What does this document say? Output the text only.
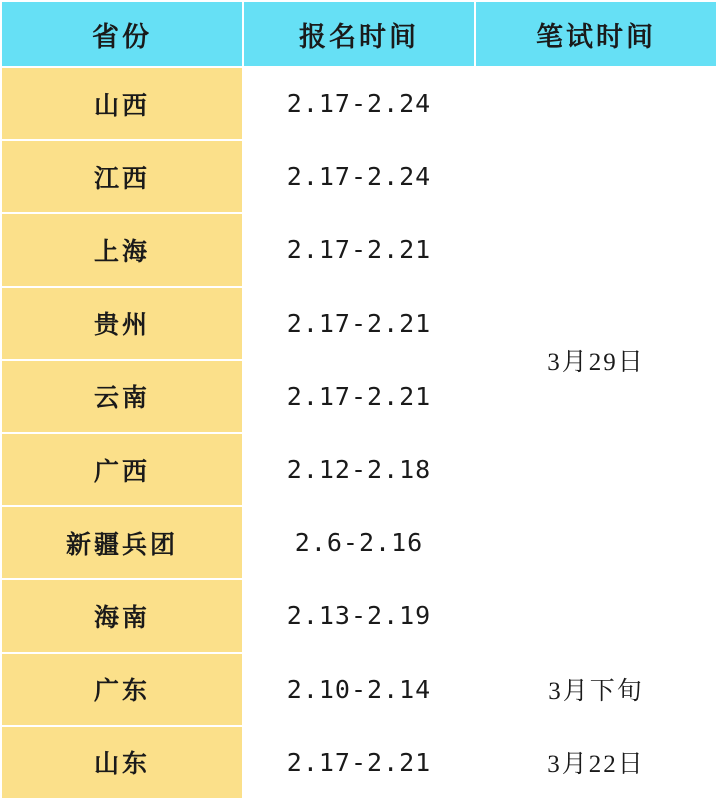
省份	报名时间	笔试时间
山西	2.17-2.24	3月29日
江西	2.17-2.24	
上海	2.17-2.21	
贵州	2.17-2.21	
云南	2.17-2.21	
广西	2.12-2.18	
新疆兵团	2.6-2.16	
海南	2.13-2.19	
广东	2.10-2.14	3月下旬
山东	2.17-2.21	3月22日
